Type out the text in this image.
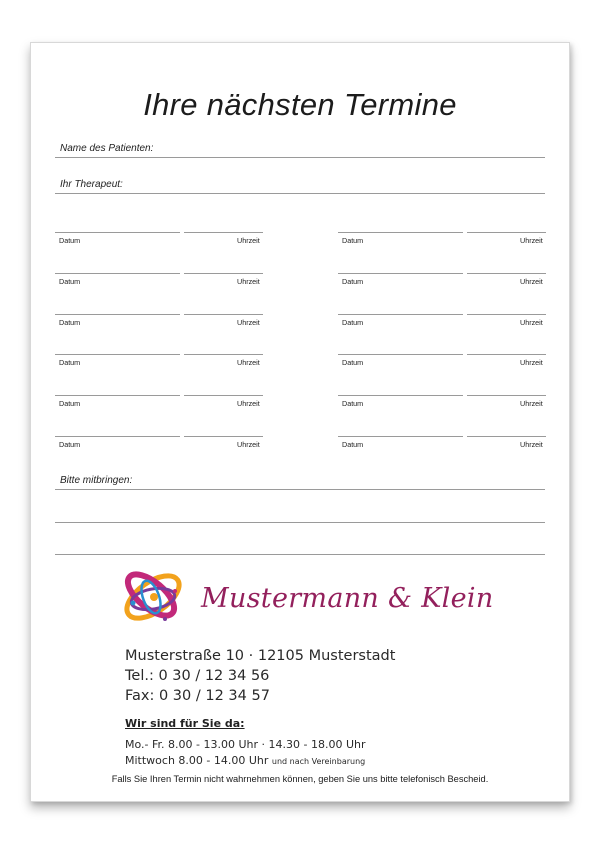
Ihre nächsten Termine
Name des Patienten:
Ihr Therapeut:
Datum	Uhrzeit
Datum	Uhrzeit
Datum	Uhrzeit
Datum	Uhrzeit
Datum	Uhrzeit
Datum	Uhrzeit
Datum	Uhrzeit
Datum	Uhrzeit
Datum	Uhrzeit
Datum	Uhrzeit
Datum	Uhrzeit
Datum	Uhrzeit
Bitte mitbringen:
Mustermann & Klein
Musterstraße 10 · 12105 Musterstadt
Tel.: 0 30 / 12 34 56
Fax: 0 30 / 12 34 57
Wir sind für Sie da:
Mo.- Fr. 8.00 - 13.00 Uhr · 14.30 - 18.00 Uhr
Mittwoch 8.00 - 14.00 Uhr und nach Vereinbarung
Falls Sie Ihren Termin nicht wahrnehmen können, geben Sie uns bitte telefonisch Bescheid.
